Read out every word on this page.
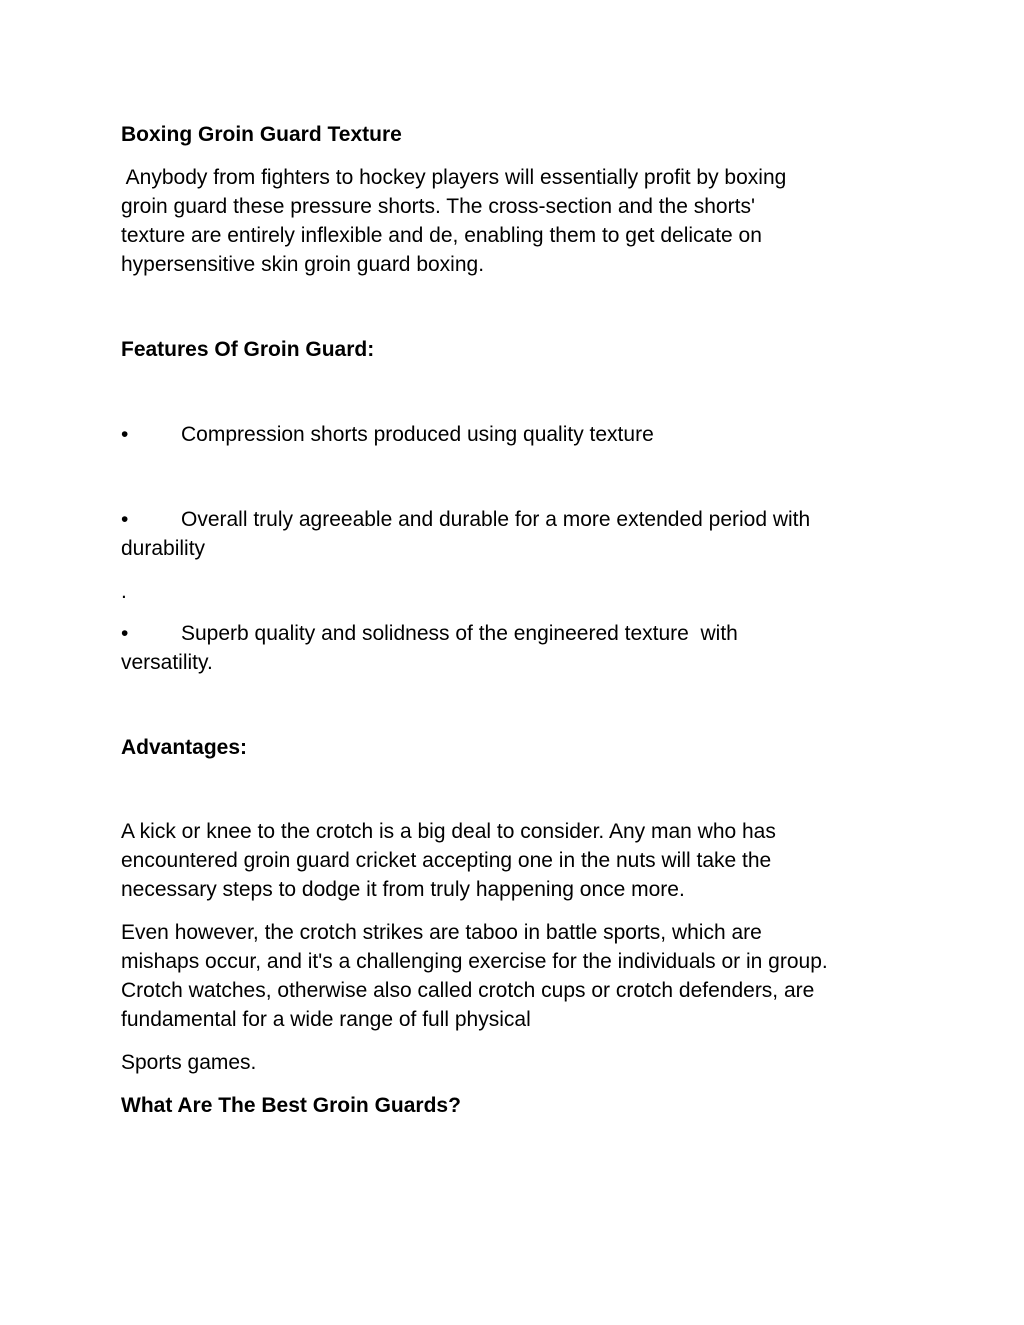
Boxing Groin Guard Texture

Anybody from fighters to hockey players will essentially profit by boxing

groin guard these pressure shorts. The cross-section and the shorts'

texture are entirely inflexible and de, enabling them to get delicate on

hypersensitive skin groin guard boxing.

Features Of Groin Guard:

•	Compression shorts produced using quality texture

•	Overall truly agreeable and durable for a more extended period with

durability

.

•	Superb quality and solidness of the engineered texture  with

versatility.

Advantages:

A kick or knee to the crotch is a big deal to consider. Any man who has

encountered groin guard cricket accepting one in the nuts will take the

necessary steps to dodge it from truly happening once more.

Even however, the crotch strikes are taboo in battle sports, which are

mishaps occur, and it's a challenging exercise for the individuals or in group.

Crotch watches, otherwise also called crotch cups or crotch defenders, are

fundamental for a wide range of full physical

Sports games.

What Are The Best Groin Guards?
